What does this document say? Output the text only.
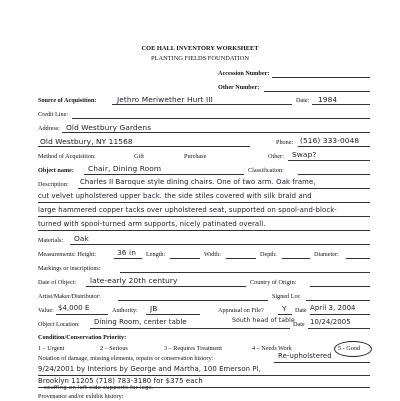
COE HALL INVENTORY WORKSHEET
PLANTING FIELDS FOUNDATION
Accession Number:
Other Number:
Source of Acquisition:	Jethro Meriwether Hurt III	Date: 1984
Credit Line:
Address: Old Westbury Gardens
Old Westbury, NY 11568	Phone: (516) 333-0048
Method of Acquisition:	Gift	Purchase	Other: Swap?
Object name: Chair, Dining Room	Classification:
Description: Charles II Baroque style dining chairs. One of two arm. Oak frame,
cut velvet upholstered upper back. the side stiles covered with silk braid and
large hammered copper tacks over upholstered seat, supported on spool-and-block-
turned with spool-turned arm supports, nicely patinated overall.
Materials: Oak
Measurements: Height:	36 in Length:	Width:	Depth:	Diameter:
Markings or inscriptions:
Date of Object: late-early 20th century	Country of Origin:
Artist/Maker/Distributor:	Signed Loc
Value: $4,000 E	Authority: JB	Appraisal on File? Y Date April 3, 2004
Object Location: Dining Room, center table	South head of table
Date 10/24/2005
Condition/Conservation Priority:
1 – Urgent	2 – Serious	3 – Requires Treatment	4 – Needs Work	5 - Good
Notation of damage, missing elements, repairs or conservation history:	Re-upholstered
9/24/2001 by Interiors by George and Martha, 100 Emerson Pl,
Brooklyn 11205 (718) 783-3180 for $375 each
scuffing on left side supports for legs.
Provenance and/or exhibit history:
